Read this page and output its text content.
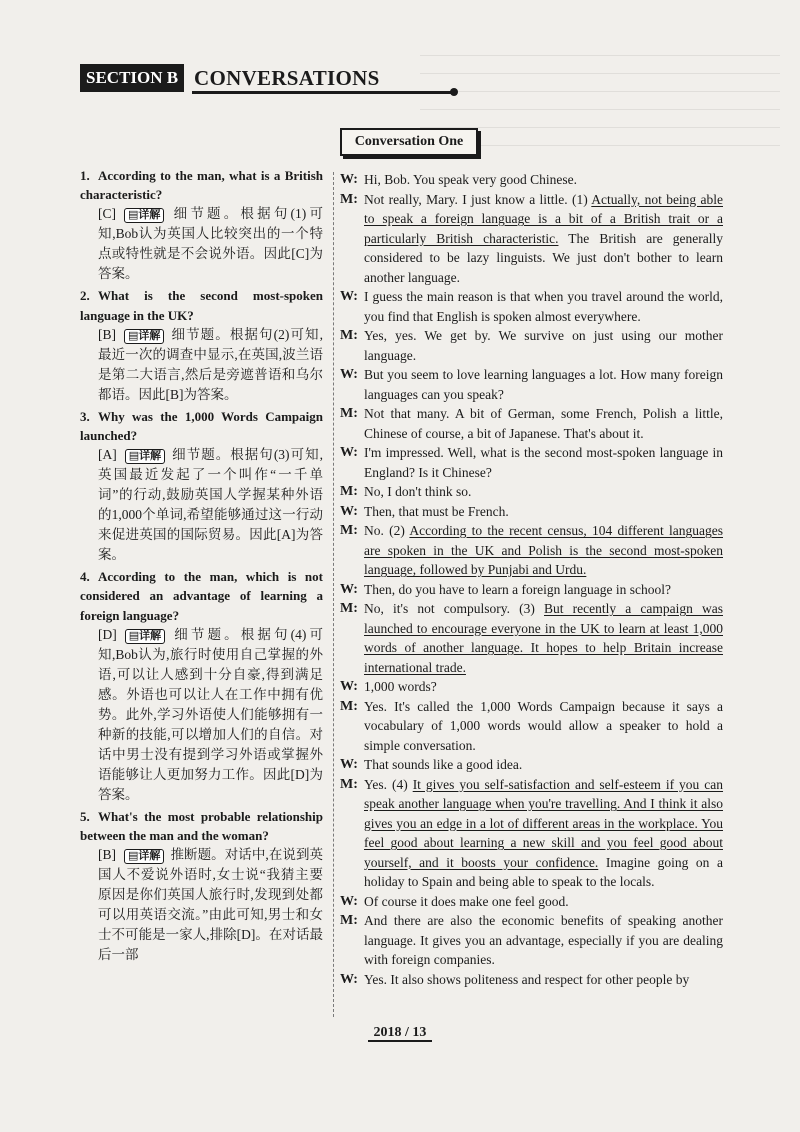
SECTION B CONVERSATIONS
Conversation One

1. According to the man, what is a British characteristic?

[C] ▤详解 细节题。根据句(1)可知,Bob认为英国人比较突出的一个特点或特性就是不会说外语。因此[C]为答案。

2. What is the second most-spoken language in the UK?

[B] ▤详解 细节题。根据句(2)可知,最近一次的调查中显示,在英国,波兰语是第二大语言,然后是旁遮普语和乌尔都语。因此[B]为答案。

3. Why was the 1,000 Words Campaign launched?

[A] ▤详解 细节题。根据句(3)可知,英国最近发起了一个叫作“一千单词”的行动,鼓励英国人学握某种外语的1,000个单词,希望能够通过这一行动来促进英国的国际贸易。因此[A]为答案。

4. According to the man, which is not considered an advantage of learning a foreign language?

[D] ▤详解 细节题。根据句(4)可知,Bob认为,旅行时使用自己掌握的外语,可以让人感到十分自豪,得到满足感。外语也可以让人在工作中拥有优势。此外,学习外语使人们能够拥有一种新的技能,可以增加人们的自信。对话中男士没有提到学习外语或掌握外语能够让人更加努力工作。因此[D]为答案。

5. What's the most probable relationship between the man and the woman?

[B] ▤详解 推断题。对话中,在说到英国人不爱说外语时,女士说“我猜主要原因是你们英国人旅行时,发现到处都可以用英语交流。”由此可知,男士和女士不可能是一家人,排除[D]。在对话最后一部

W: Hi, Bob. You speak very good Chinese.
M: Not really, Mary. I just know a little. (1) Actually, not being able to speak a foreign language is a bit of a British trait or a particularly British characteristic. The British are generally considered to be lazy linguists. We just don't bother to learn another language.
W: I guess the main reason is that when you travel around the world, you find that English is spoken almost everywhere.
M: Yes, yes. We get by. We survive on just using our mother language.
W: But you seem to love learning languages a lot. How many foreign languages can you speak?
M: Not that many. A bit of German, some French, Polish a little, Chinese of course, a bit of Japanese. That's about it.
W: I'm impressed. Well, what is the second most-spoken language in England? Is it Chinese?
M: No, I don't think so.
W: Then, that must be French.
M: No. (2) According to the recent census, 104 different languages are spoken in the UK and Polish is the second most-spoken language, followed by Punjabi and Urdu.
W: Then, do you have to learn a foreign language in school?
M: No, it's not compulsory. (3) But recently a campaign was launched to encourage everyone in the UK to learn at least 1,000 words of another language. It hopes to help Britain increase international trade.
W: 1,000 words?
M: Yes. It's called the 1,000 Words Campaign because it says a vocabulary of 1,000 words would allow a speaker to hold a simple conversation.
W: That sounds like a good idea.
M: Yes. (4) It gives you self-satisfaction and self-esteem if you can speak another language when you're travelling. And I think it also gives you an edge in a lot of different areas in the workplace. You feel good about learning a new skill and you feel good about yourself, and it boosts your confidence. Imagine going on a holiday to Spain and being able to speak to the locals.
W: Of course it does make one feel good.
M: And there are also the economic benefits of speaking another language. It gives you an advantage, especially if you are dealing with foreign companies.
W: Yes. It also shows politeness and respect for other people by
2018 / 13
